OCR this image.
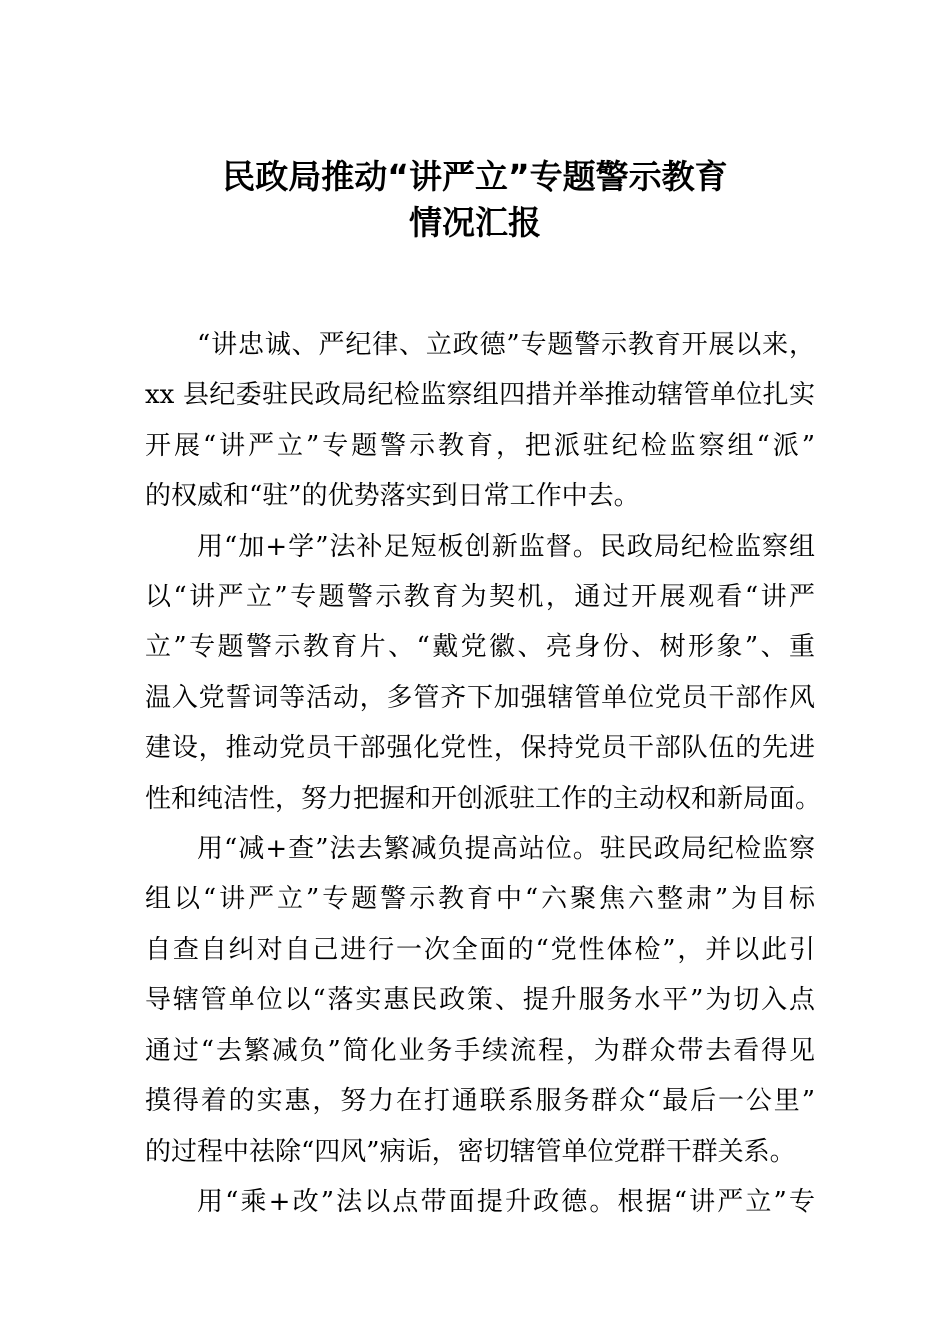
民政局推动“讲严立”专题警示教育
情况汇报
“讲忠诚、严纪律、立政德”专题警示教育开展以来，
xx 县纪委驻民政局纪检监察组四措并举推动辖管单位扎实
开展“讲严立”专题警示教育，把派驻纪检监察组“派”
的权威和“驻”的优势落实到日常工作中去。
用“加+学”法补足短板创新监督。民政局纪检监察组
以“讲严立”专题警示教育为契机，通过开展观看“讲严
立”专题警示教育片、“戴党徽、亮身份、树形象”、重
温入党誓词等活动，多管齐下加强辖管单位党员干部作风
建设，推动党员干部强化党性，保持党员干部队伍的先进
性和纯洁性，努力把握和开创派驻工作的主动权和新局面。
用“减+查”法去繁减负提高站位。驻民政局纪检监察
组以“讲严立”专题警示教育中“六聚焦六整肃”为目标
自查自纠对自己进行一次全面的“党性体检”，并以此引
导辖管单位以“落实惠民政策、提升服务水平”为切入点
通过“去繁减负”简化业务手续流程，为群众带去看得见
摸得着的实惠，努力在打通联系服务群众“最后一公里”
的过程中祛除“四风”病诟，密切辖管单位党群干群关系。
用“乘+改”法以点带面提升政德。根据“讲严立”专
